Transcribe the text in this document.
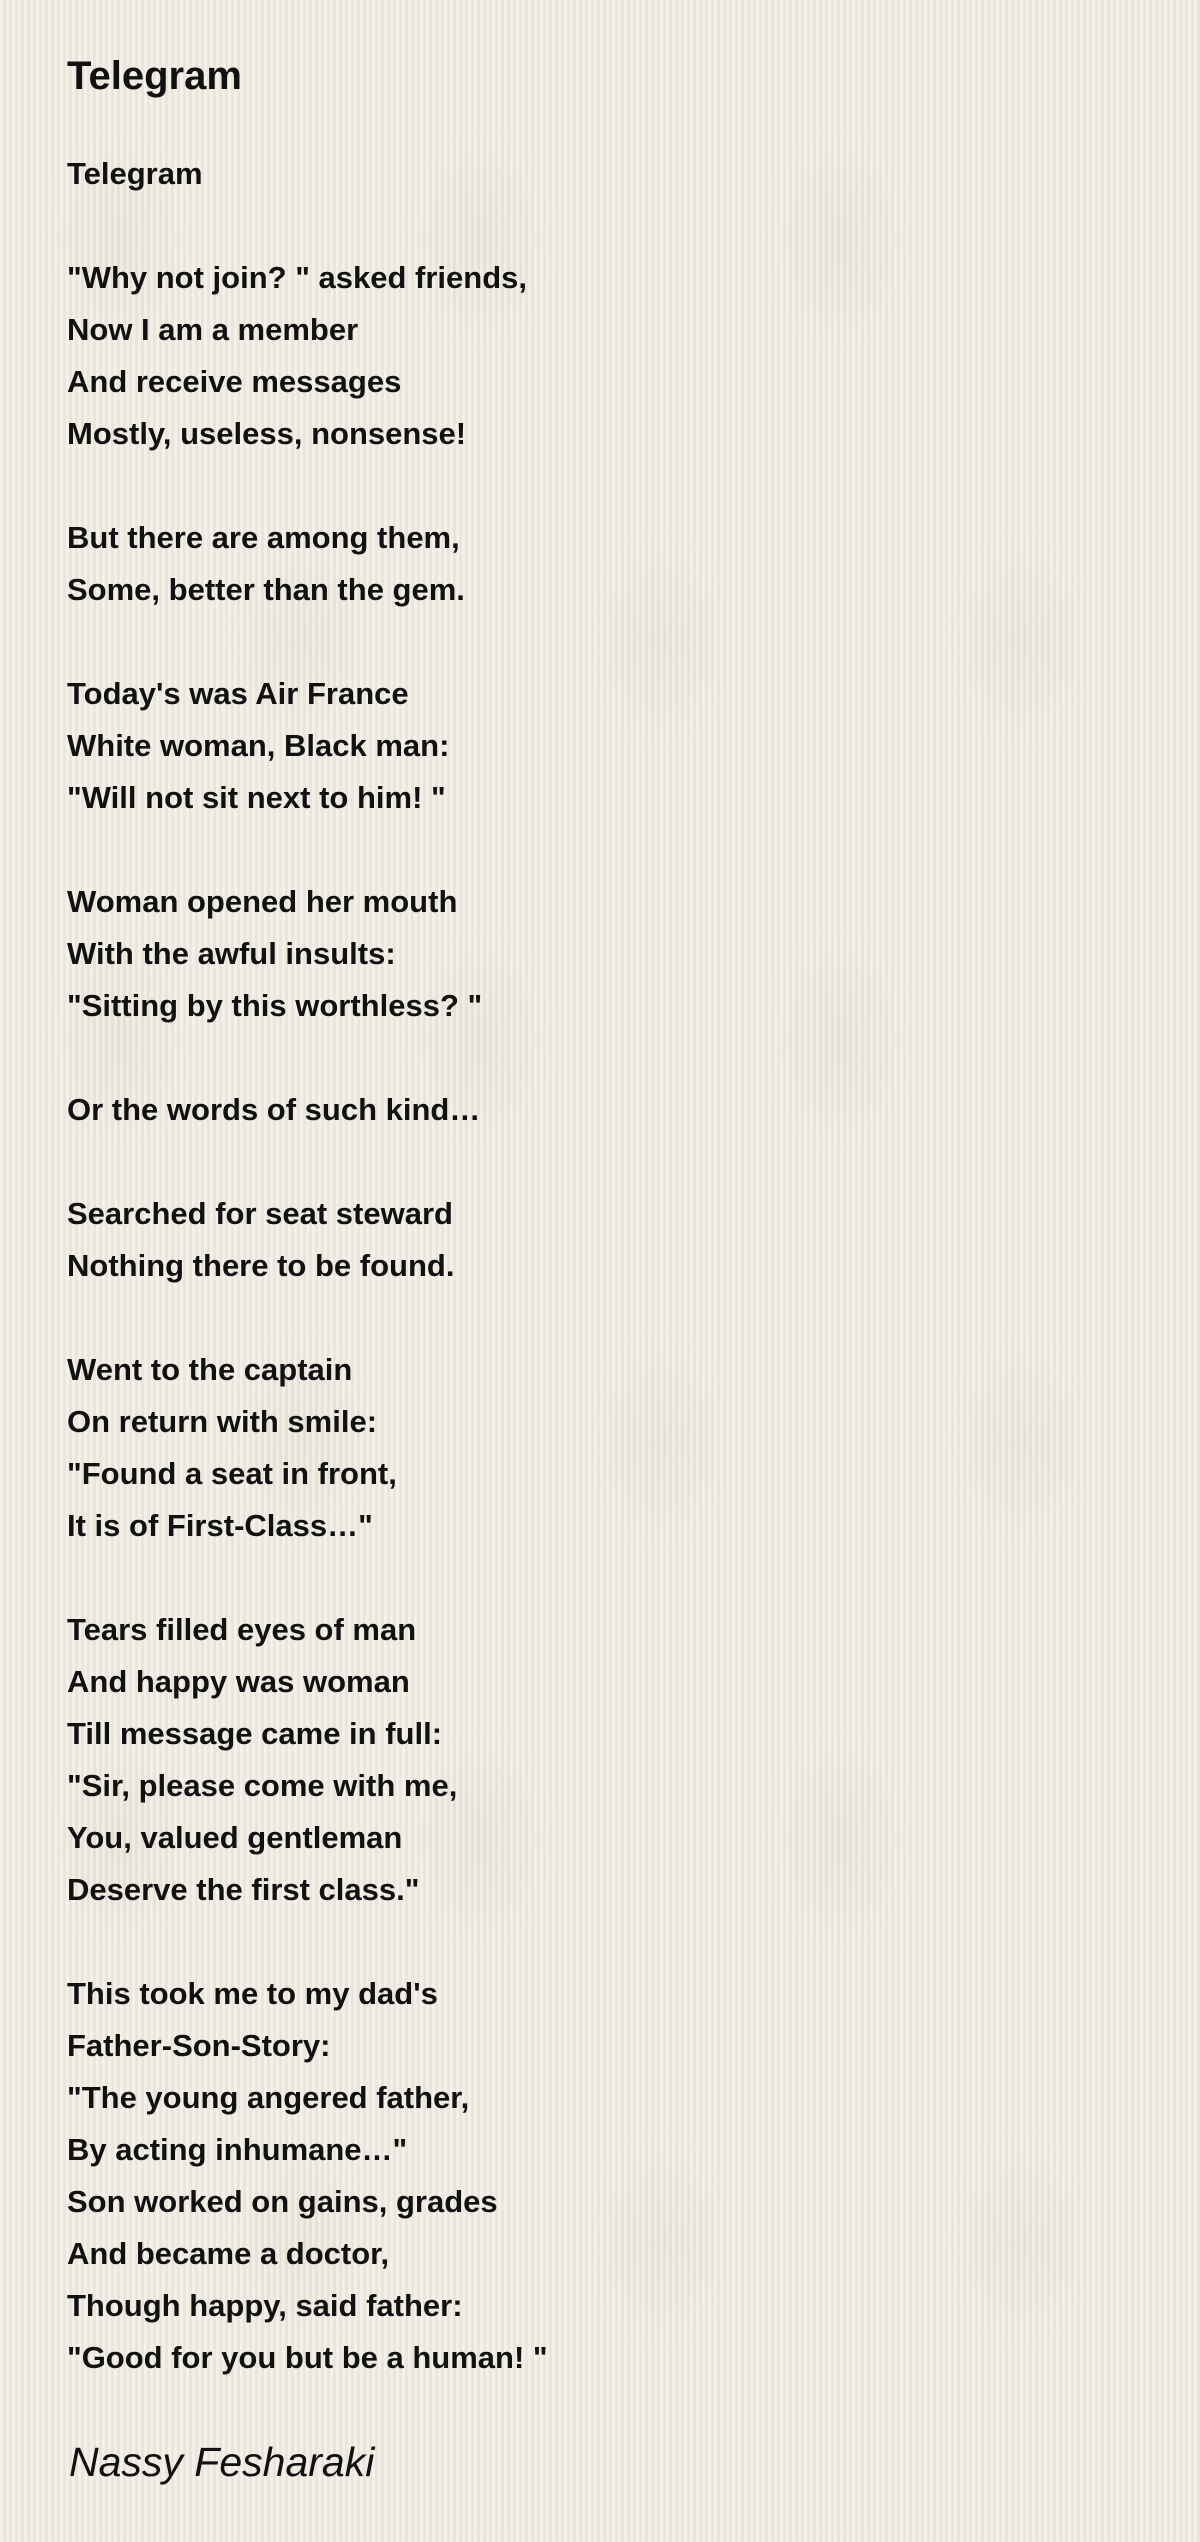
Telegram
Telegram
"Why not join? " asked friends,
Now I am a member
And receive messages
Mostly, useless, nonsense!
But there are among them,
Some, better than the gem.
Today's was Air France
White woman, Black man:
"Will not sit next to him! "
Woman opened her mouth
With the awful insults:
"Sitting by this worthless? "
Or the words of such kind…
Searched for seat steward
Nothing there to be found.
Went to the captain
On return with smile:
"Found a seat in front,
It is of First-Class…"
Tears filled eyes of man
And happy was woman
Till message came in full:
"Sir, please come with me,
You, valued gentleman
Deserve the first class."
This took me to my dad's
Father-Son-Story:
"The young angered father,
By acting inhumane…"
Son worked on gains, grades
And became a doctor,
Though happy, said father:
"Good for you but be a human! "
Nassy Fesharaki
